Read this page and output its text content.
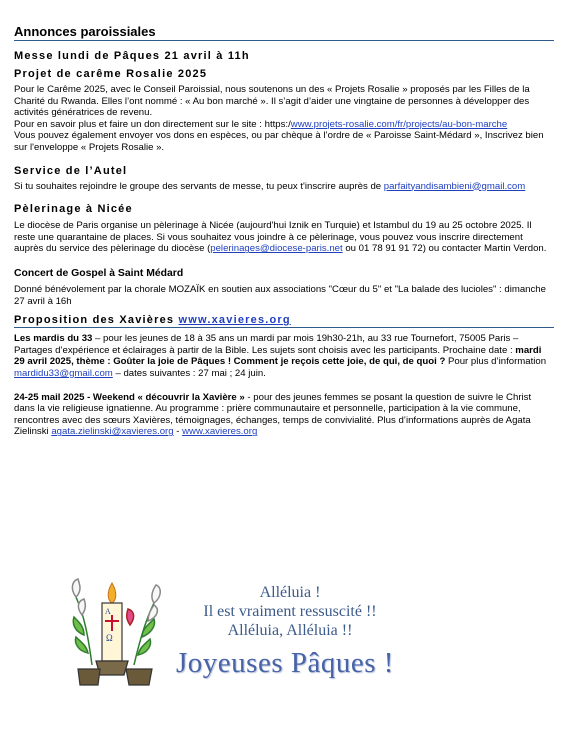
Annonces paroissiales
Messe lundi de Pâques 21 avril à 11h
Projet de carême Rosalie 2025

Pour le Carême 2025, avec le Conseil Paroissial, nous soutenons un des « Projets Rosalie » proposés par les Filles de la Charité du Rwanda. Elles l’ont nommé : « Au bon marché ». Il s’agit d’aider une vingtaine de personnes à développer des activités génératrices de revenu.

Pour en savoir plus et faire un don directement sur le site : https:/www.projets-rosalie.com/fr/projects/au-bon-marche

Vous pouvez également envoyer vos dons en espèces, ou par chèque à l’ordre de « Paroisse Saint-Médard », Inscrivez bien sur l'enveloppe « Projets Rosalie ».

Service de l’Autel

Si tu souhaites rejoindre le groupe des servants de messe, tu peux t'inscrire auprès de parfaityandisambieni@gmail.com

Pèlerinage à Nicée

Le diocèse de Paris organise un pèlerinage à Nicée (aujourd'hui Iznik en Turquie) et Istambul du 19 au 25 octobre 2025. Il reste une quarantaine de places. Si vous souhaitez vous joindre à ce pèlerinage, vous pouvez vous inscrire directement auprès du service des pèlerinage du diocèse (pelerinages@diocese-paris.net ou 01 78 91 91 72) ou contacter Martin Verdon.

Concert de Gospel à Saint Médard

Donné bénévolement par la chorale MOZAÏK en soutien aux associations "Cœur du 5" et "La balade des lucioles" : dimanche 27 avril à 16h

Proposition des Xavières www.xavieres.org

Les mardis du 33 – pour les jeunes de 18 à 35 ans un mardi par mois 19h30-21h, au 33 rue Tournefort, 75005 Paris – Partages d’expérience et éclairages à partir de la Bible. Les sujets sont choisis avec les participants. Prochaine date : mardi 29 avril 2025, thème : Goûter la joie de Pâques ! Comment je reçois cette joie, de qui, de quoi ? Pour plus d’information mardidu33@gmail.com – dates suivantes : 27 mai ; 24 juin.

24-25 mail 2025 - Weekend « découvrir la Xavière » - pour des jeunes femmes se posant la question de suivre le Christ dans la vie religieuse ignatienne. Au programme : prière communautaire et personnelle, participation à la vie commune, rencontres avec des sœurs Xavières, témoignages, échanges, temps de convivialité. Plus d’informations auprès de Agata Zielinski agata.zielinski@xavieres.org - www.xavieres.org

A
Ω
Alléluia !
Il est vraiment ressuscité !!
Alléluia, Alléluia !!
Joyeuses Pâques !
